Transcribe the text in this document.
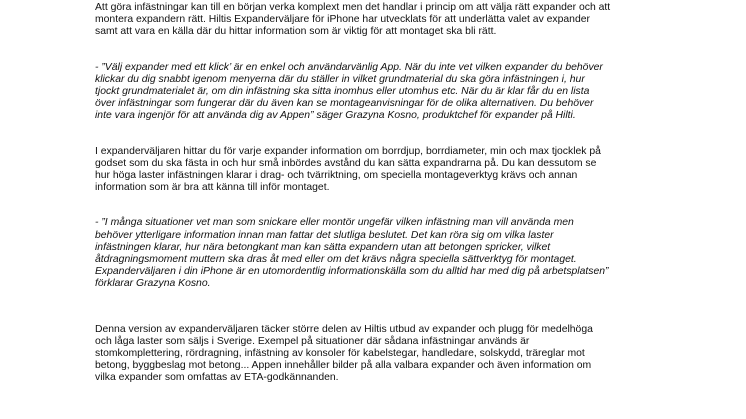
Att göra infästningar kan till en början verka komplext men det handlar i princip om att välja rätt expander och att
montera expandern rätt. Hiltis Expanderväljare för iPhone har utvecklats för att underlätta valet av expander
samt att vara en källa där du hittar information som är viktig för att montaget ska bli rätt.

- ”Välj expander med ett klick’ är en enkel och användarvänlig App. När du inte vet vilken expander du behöver
klickar du dig snabbt igenom menyerna där du ställer in vilket grundmaterial du ska göra infästningen i, hur
tjockt grundmaterialet är, om din infästning ska sitta inomhus eller utomhus etc. När du är klar får du en lista
över infästningar som fungerar där du även kan se montageanvisningar för de olika alternativen. Du behöver
inte vara ingenjör för att använda dig av Appen” säger Grazyna Kosno, produktchef för expander på Hilti.

I expanderväljaren hittar du för varje expander information om borrdjup, borrdiameter, min och max tjocklek på
godset som du ska fästa in och hur små inbördes avstånd du kan sätta expandrarna på. Du kan dessutom se
hur höga laster infästningen klarar i drag- och tvärriktning, om speciella montageverktyg krävs och annan
information som är bra att känna till inför montaget.

- ”I många situationer vet man som snickare eller montör ungefär vilken infästning man vill använda men
behöver ytterligare information innan man fattar det slutliga beslutet. Det kan röra sig om vilka laster
infästningen klarar, hur nära betongkant man kan sätta expandern utan att betongen spricker, vilket
åtdragningsmoment muttern ska dras åt med eller om det krävs några speciella sättverktyg för montaget.
Expanderväljaren i din iPhone är en utomordentlig informationskälla som du alltid har med dig på arbetsplatsen”
förklarar Grazyna Kosno.

Denna version av expanderväljaren täcker större delen av Hiltis utbud av expander och plugg för medelhöga
och låga laster som säljs i Sverige. Exempel på situationer där sådana infästningar används är
stomkomplettering, rördragning, infästning av konsoler för kabelstegar, handledare, solskydd, träreglar mot
betong, byggbeslag mot betong... Appen innehåller bilder på alla valbara expander och även information om
vilka expander som omfattas av ETA-godkännanden.
